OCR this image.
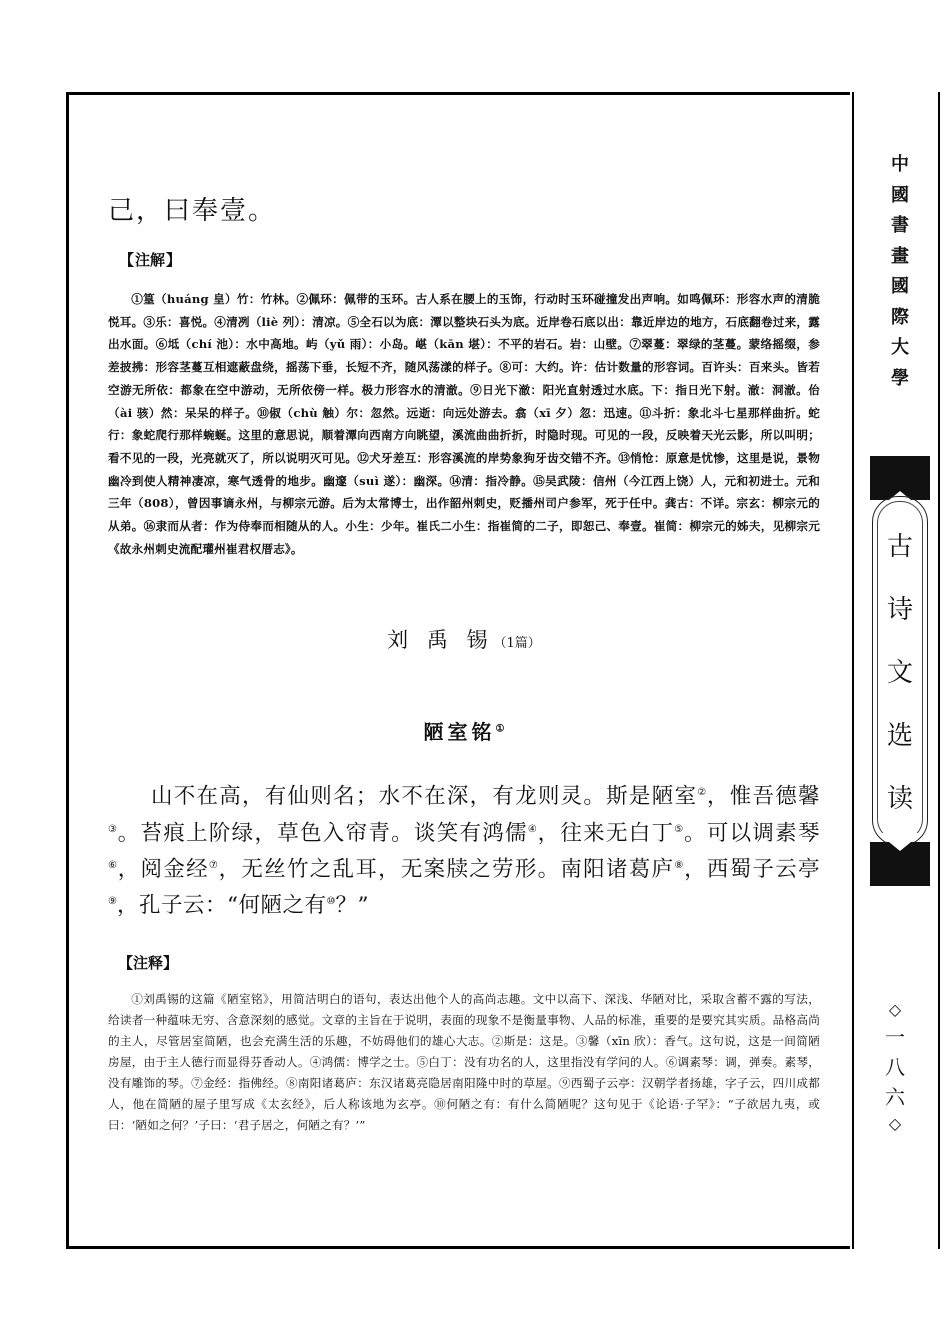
己，曰奉壹。

【注解】

①篁（huáng 皇）竹：竹林。②佩环：佩带的玉环。古人系在腰上的玉饰，行动时玉环碰撞发出声响。如鸣佩环：形容水声的清脆悦耳。③乐：喜悦。④清冽（liè 列）：清凉。⑤全石以为底：潭以整块石头为底。近岸卷石底以出：靠近岸边的地方，石底翻卷过来，露出水面。⑥坻（chí 池）：水中高地。屿（yǔ 雨）：小岛。嵁（kān 堪）：不平的岩石。岩：山壁。⑦翠蔓：翠绿的茎蔓。蒙络摇缀，参差披拂：形容茎蔓互相遮蔽盘绕，摇荡下垂，长短不齐，随风荡漾的样子。⑧可：大约。许：估计数量的形容词。百许头：百来头。皆若空游无所依：都象在空中游动，无所依傍一样。极力形容水的清澈。⑨日光下澈：阳光直射透过水底。下：指日光下射。澈：洞澈。佁（ài 骇）然：呆呆的样子。⑩俶（chù 触）尔：忽然。远逝：向远处游去。翕（xī 夕）忽：迅速。⑪斗折：象北斗七星那样曲折。蛇行：象蛇爬行那样蜿蜒。这里的意思说，顺着潭向西南方向眺望，溪流曲曲折折，时隐时现。可见的一段，反映着天光云影，所以叫明；看不见的一段，光亮就灭了，所以说明灭可见。⑫犬牙差互：形容溪流的岸势象狗牙齿交错不齐。⑬悄怆：原意是忧惨，这里是说，景物幽冷到使人精神凄凉，寒气透骨的地步。幽邃（suì 遂）：幽深。⑭清：指冷静。⑮吴武陵：信州（今江西上饶）人，元和初进士。元和三年（808），曾因事谪永州，与柳宗元游。后为太常博士，出作韶州刺史，贬播州司户参军，死于任中。龚古：不详。宗玄：柳宗元的从弟。⑯隶而从者：作为侍奉而相随从的人。小生：少年。崔氏二小生：指崔简的二子，即恕己、奉壹。崔简：柳宗元的姊夫，见柳宗元《故永州刺史流配瓘州崔君权厝志》。

刘 禹 锡（1篇）
陋室铭①

山不在高，有仙则名；水不在深，有龙则灵。斯是陋室②，惟吾德馨③。苔痕上阶绿，草色入帘青。谈笑有鸿儒④，往来无白丁⑤。可以调素琴⑥，阅金经⑦，无丝竹之乱耳，无案牍之劳形。南阳诸葛庐⑧，西蜀子云亭⑨，孔子云：“何陋之有⑩？”

【注释】

①刘禹锡的这篇《陋室铭》，用简洁明白的语句，表达出他个人的高尚志趣。文中以高下、深浅、华陋对比，采取含蓄不露的写法，给读者一种蕴味无穷、含意深刻的感觉。文章的主旨在于说明，表面的现象不是衡量事物、人品的标准，重要的是要究其实质。品格高尚的主人，尽管居室简陋，也会充满生活的乐趣，不妨碍他们的雄心大志。②斯是：这是。③馨（xīn 欣）：香气。这句说，这是一间简陋房屋，由于主人德行而显得芬香动人。④鸿儒：博学之士。⑤白丁：没有功名的人，这里指没有学问的人。⑥调素琴：调，弹奏。素琴，没有雕饰的琴。⑦金经：指佛经。⑧南阳诸葛庐：东汉诸葛亮隐居南阳隆中时的草屋。⑨西蜀子云亭：汉朝学者扬雄，字子云，四川成都人，他在简陋的屋子里写成《太玄经》，后人称该地为玄亭。⑩何陋之有：有什么简陋呢？这句见于《论语·子罕》：“子欲居九夷，或曰：‘陋如之何？’子曰：‘君子居之，何陋之有？’”

中
國
書
畫
國
際
大
學
古
诗
文
选
读
◇
一
八
六
◇
